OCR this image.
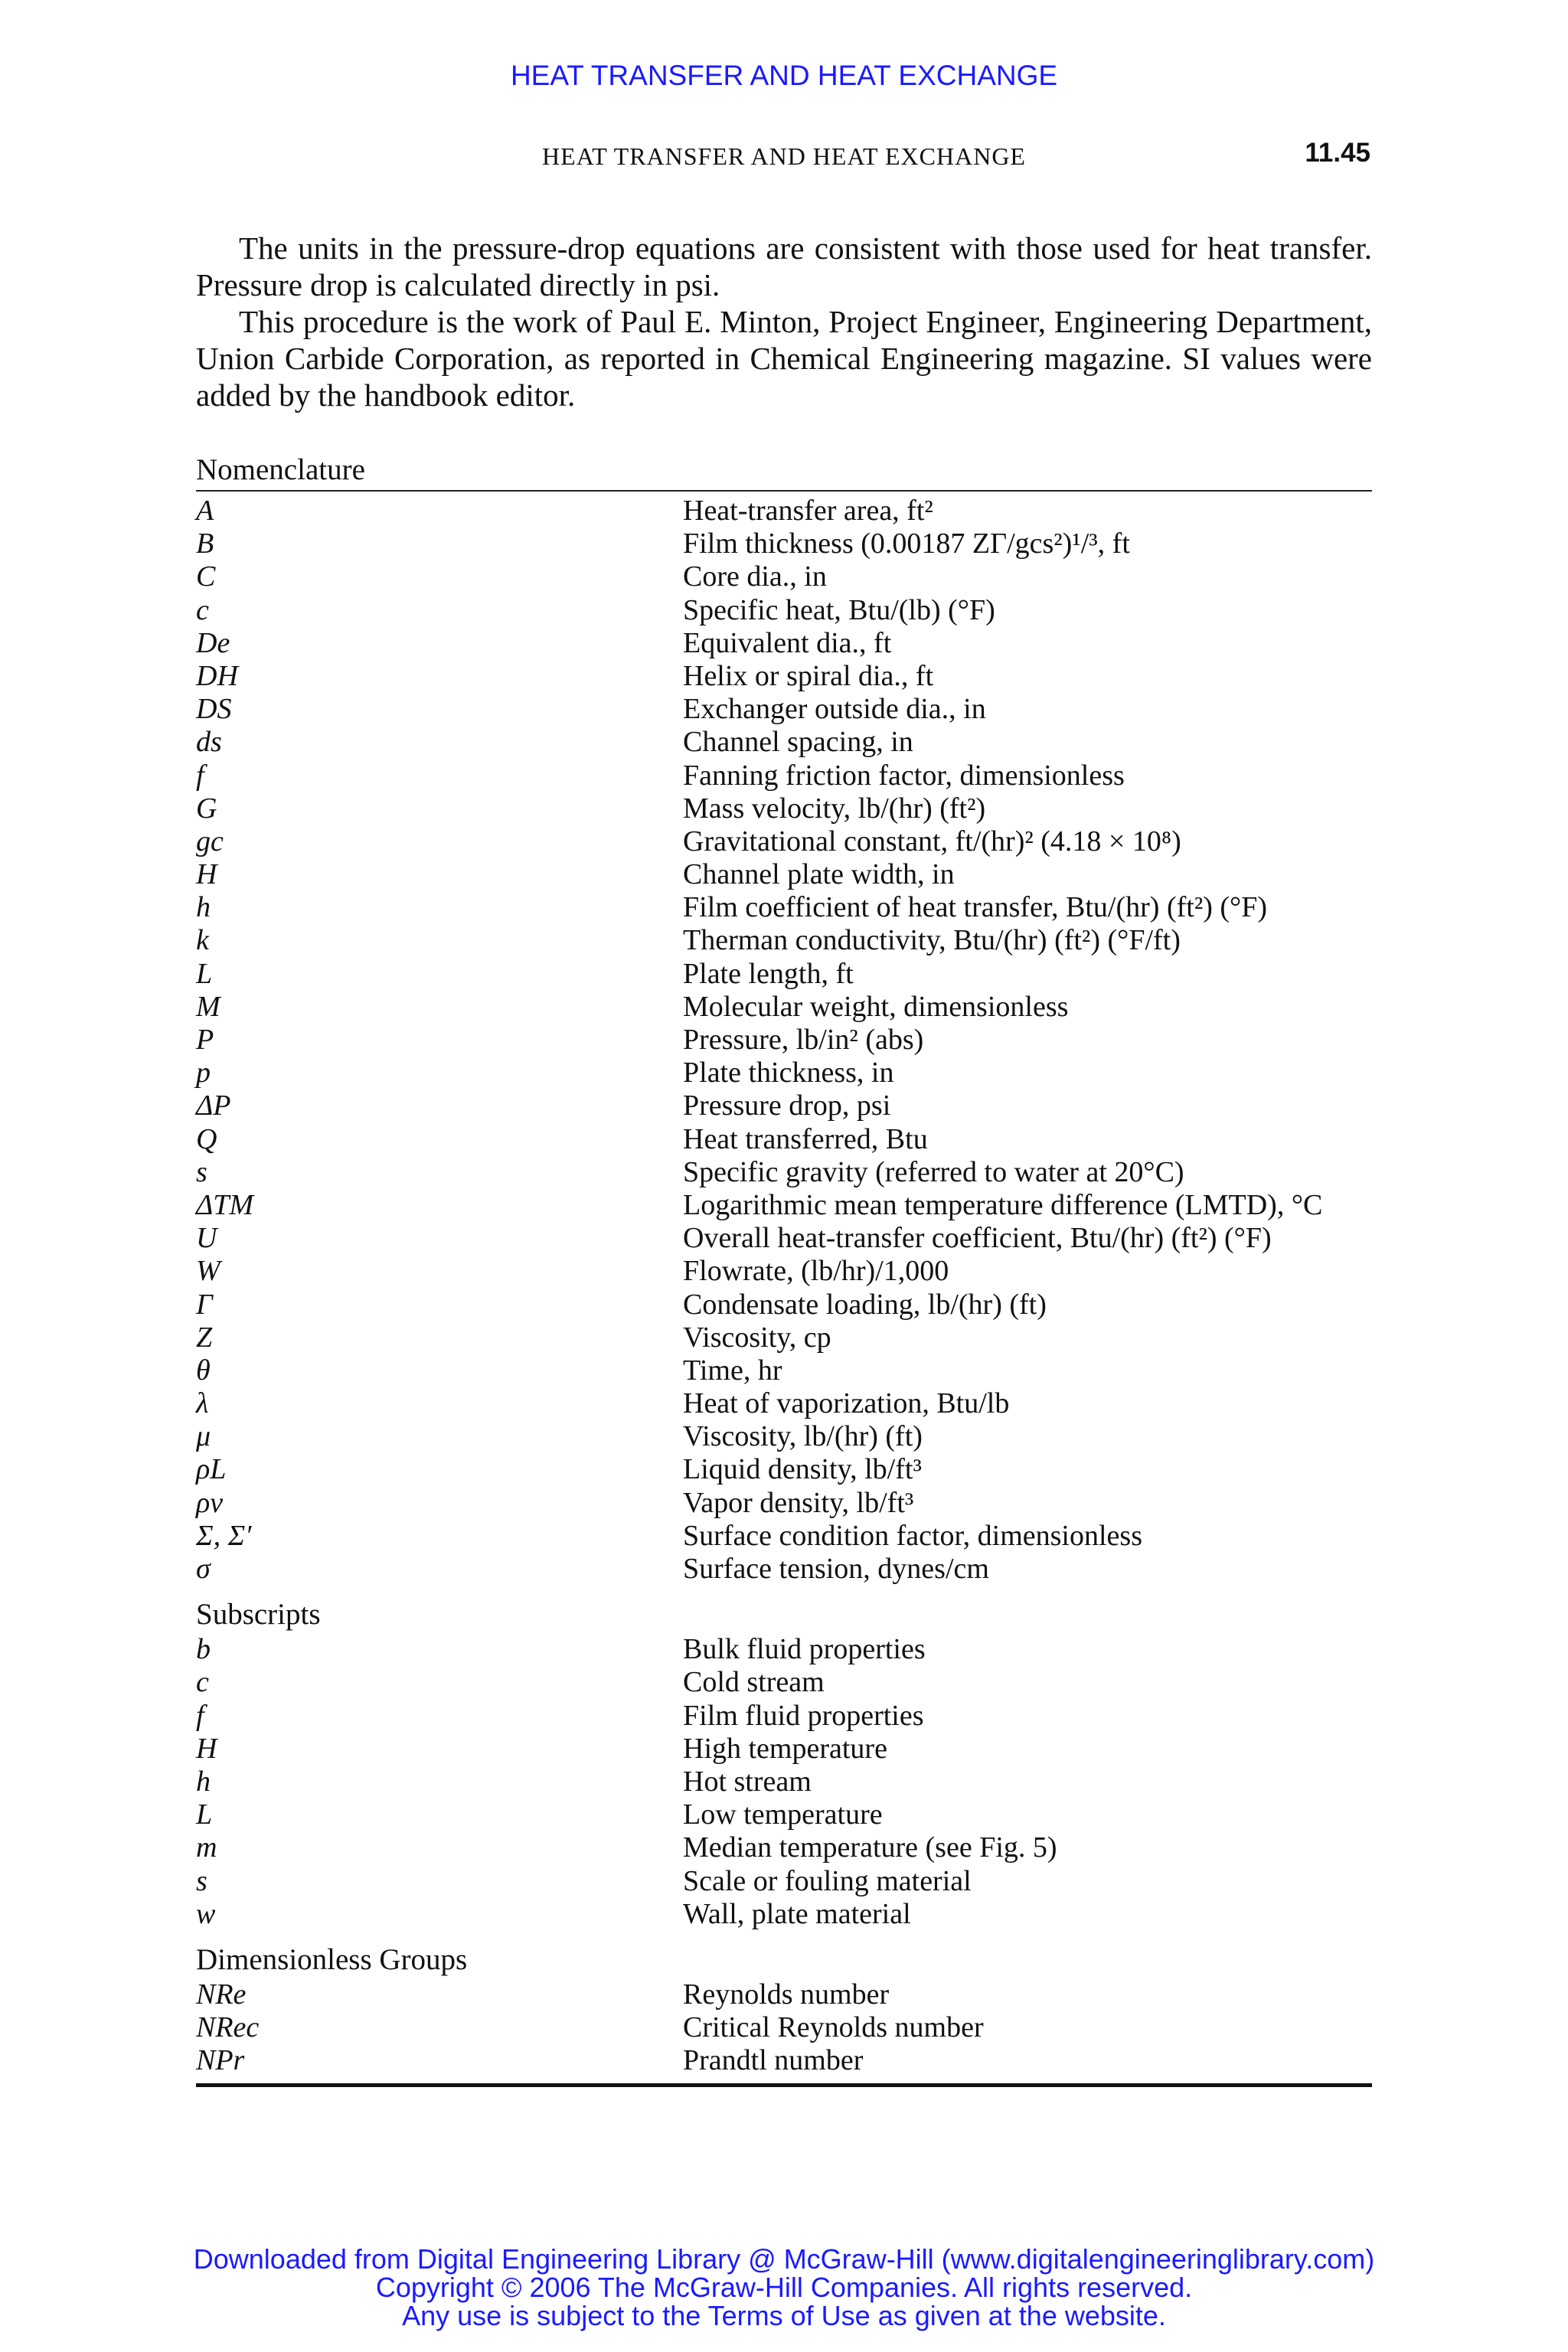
HEAT TRANSFER AND HEAT EXCHANGE
HEAT TRANSFER AND HEAT EXCHANGE	11.45

The units in the pressure-drop equations are consistent with those used for heat transfer. Pressure drop is calculated directly in psi.

This procedure is the work of Paul E. Minton, Project Engineer, Engineering Department, Union Carbide Corporation, as reported in Chemical Engineering magazine. SI values were added by the handbook editor.

Nomenclature
A	Heat-transfer area, ft²
B	Film thickness (0.00187 ZΓ/gcs²)¹/³, ft
C	Core dia., in
c	Specific heat, Btu/(lb) (°F)
De	Equivalent dia., ft
DH	Helix or spiral dia., ft
DS	Exchanger outside dia., in
ds	Channel spacing, in
f	Fanning friction factor, dimensionless
G	Mass velocity, lb/(hr) (ft²)
gc	Gravitational constant, ft/(hr)² (4.18 × 10⁸)
H	Channel plate width, in
h	Film coefficient of heat transfer, Btu/(hr) (ft²) (°F)
k	Therman conductivity, Btu/(hr) (ft²) (°F/ft)
L	Plate length, ft
M	Molecular weight, dimensionless
P	Pressure, lb/in² (abs)
p	Plate thickness, in
ΔP	Pressure drop, psi
Q	Heat transferred, Btu
s	Specific gravity (referred to water at 20°C)
ΔTM	Logarithmic mean temperature difference (LMTD), °C
U	Overall heat-transfer coefficient, Btu/(hr) (ft²) (°F)
W	Flowrate, (lb/hr)/1,000
Γ	Condensate loading, lb/(hr) (ft)
Z	Viscosity, cp
θ	Time, hr
λ	Heat of vaporization, Btu/lb
μ	Viscosity, lb/(hr) (ft)
ρL	Liquid density, lb/ft³
ρv	Vapor density, lb/ft³
Σ, Σ′	Surface condition factor, dimensionless
σ	Surface tension, dynes/cm
Subscripts
b	Bulk fluid properties
c	Cold stream
f	Film fluid properties
H	High temperature
h	Hot stream
L	Low temperature
m	Median temperature (see Fig. 5)
s	Scale or fouling material
w	Wall, plate material
Dimensionless Groups
NRe	Reynolds number
NRec	Critical Reynolds number
NPr	Prandtl number
Downloaded from Digital Engineering Library @ McGraw-Hill (www.digitalengineeringlibrary.com)
Copyright © 2006 The McGraw-Hill Companies. All rights reserved.
Any use is subject to the Terms of Use as given at the website.
